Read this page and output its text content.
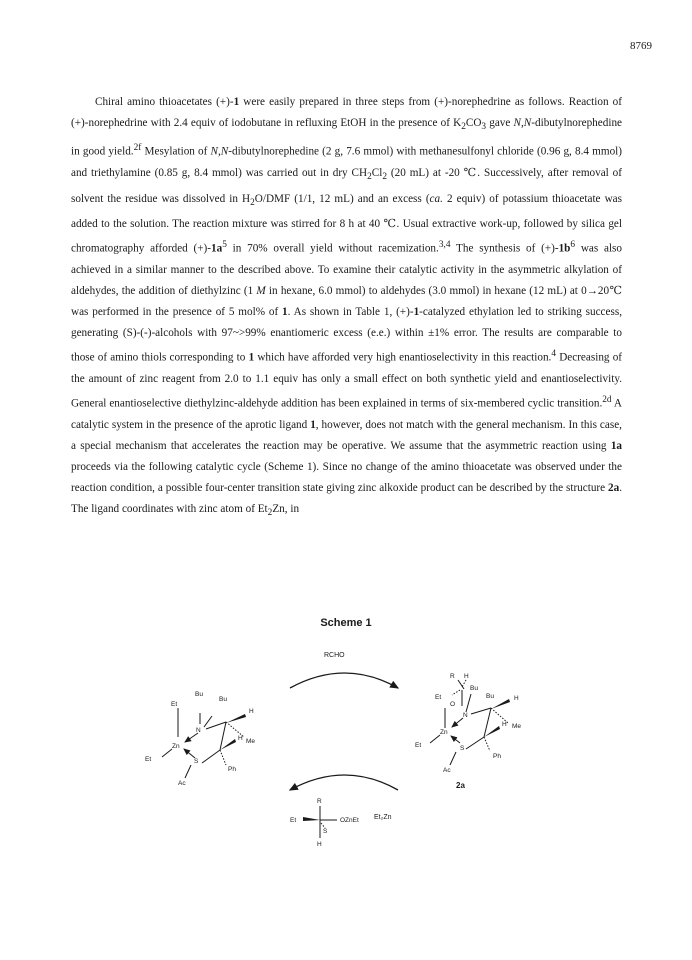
8769

Chiral amino thioacetates (+)-1 were easily prepared in three steps from (+)-norephedrine as follows. Reaction of (+)-norephedrine with 2.4 equiv of iodobutane in refluxing EtOH in the presence of $K_2CO_3$ gave N,N-dibutylnorephedine in good yield.$^{2f}$ Mesylation of N,N-dibutylnorephedine (2 g, 7.6 mmol) with methanesulfonyl chloride (0.96 g, 8.4 mmol) and triethylamine (0.85 g, 8.4 mmol) was carried out in dry $CH_2Cl_2$ (20 mL) at -20 ℃. Successively, after removal of solvent the residue was dissolved in $H_2O$/DMF (1/1, 12 mL) and an excess (ca. 2 equiv) of potassium thioacetate was added to the solution. The reaction mixture was stirred for 8 h at 40 ℃. Usual extractive work-up, followed by silica gel chromatography afforded $(+)-1a^5$ in 70% overall yield without racemization.$^{3,4}$ The synthesis of $(+)-1b^6$ was also achieved in a similar manner to the described above. To examine their catalytic activity in the asymmetric alkylation of aldehydes, the addition of diethylzinc (1 M in hexane, 6.0 mmol) to aldehydes (3.0 mmol) in hexane (12 mL) at 0→20℃ was performed in the presence of 5 mol% of 1. As shown in Table 1, (+)-1-catalyzed ethylation led to striking success, generating (S)-(-)-alcohols with 97~>99% enantiomeric excess (e.e.) within ±1% error. The results are comparable to those of amino thiols corresponding to 1 which have afforded very high enantioselectivity in this reaction.$^4$ Decreasing of the amount of zinc reagent from 2.0 to 1.1 equiv has only a small effect on both synthetic yield and enantioselectivity. General enantioselective diethylzinc-aldehyde addition has been explained in terms of six-membered cyclic transition.$^{2d}$ A catalytic system in the presence of the aprotic ligand 1, however, does not match with the general mechanism. In this case, a special mechanism that accelerates the reaction may be operative. We assume that the asymmetric reaction using 1a proceeds via the following catalytic cycle (Scheme 1). Since no change of the amino thioacetate was observed under the reaction condition, a possible four-center transition state giving zinc alkoxide product can be described by the structure 2a. The ligand coordinates with zinc atom of $Et_2Zn$, in

Scheme 1
RCHO
Et₂Zn
Bu
Bu
H
Et
N
Me
Zn
Et
H
S
Ph
Ac
R H
Bu
Bu	H
Et
O
N
Me
Zn
Et
H
S
Ph
Ac
2a
R
Et	OZnEt
S
H
